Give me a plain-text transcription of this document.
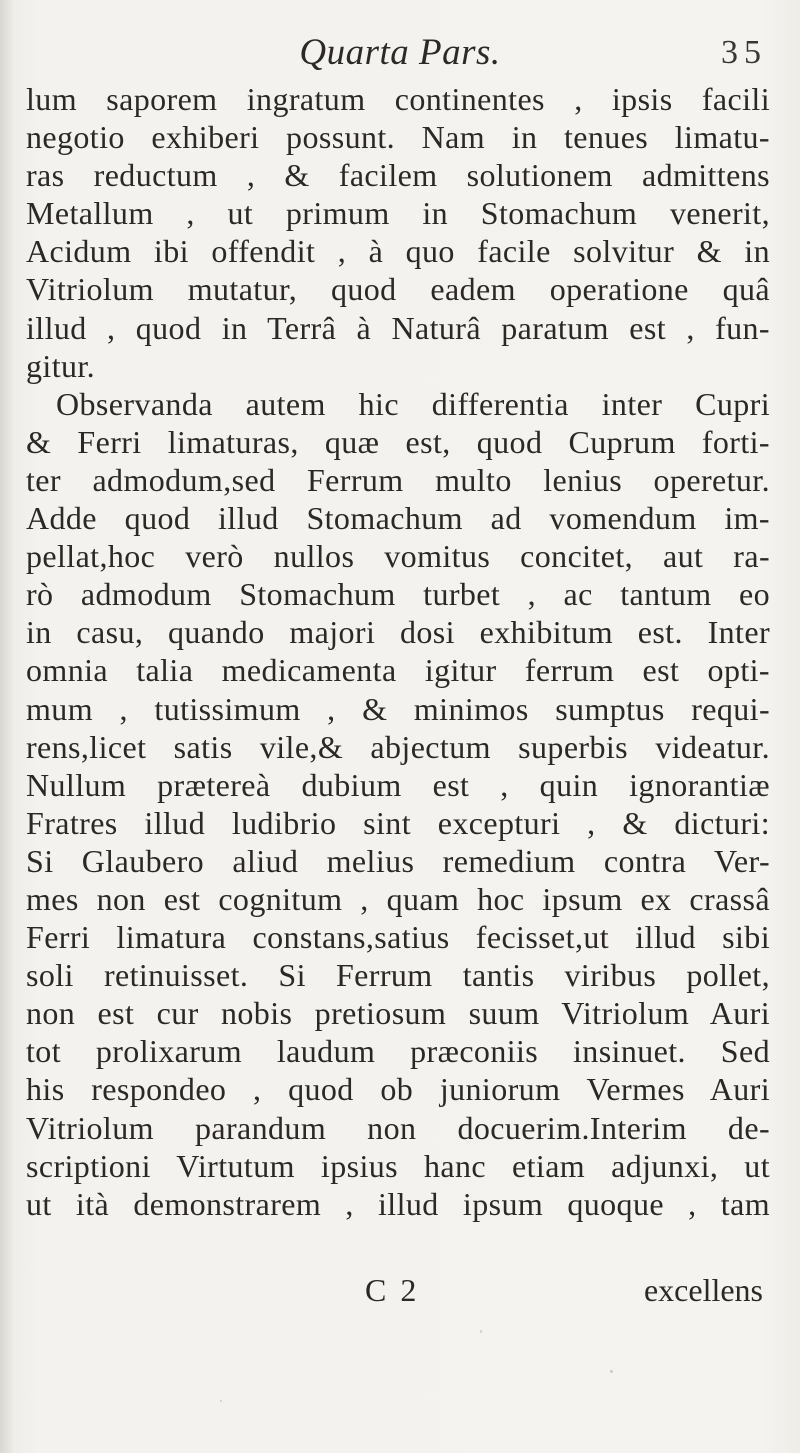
Quarta Pars.	35
lum saporem ingratum continentes , ipsis facili
negotio exhiberi possunt. Nam in tenues limatu-
ras reductum , & facilem solutionem admittens
Metallum , ut primum in Stomachum venerit,
Acidum ibi offendit , à quo facile solvitur & in
Vitriolum mutatur, quod eadem operatione quâ
illud , quod in Terrâ à Naturâ paratum est , fun-
gitur.
Observanda autem hic differentia inter Cupri
& Ferri limaturas, quæ est, quod Cuprum forti-
ter admodum,sed Ferrum multo lenius operetur.
Adde quod illud Stomachum ad vomendum im-
pellat,hoc verò nullos vomitus concitet, aut ra-
rò admodum Stomachum turbet , ac tantum eo
in casu, quando majori dosi exhibitum est. Inter
omnia talia medicamenta igitur ferrum est opti-
mum , tutissimum , & minimos sumptus requi-
rens,licet satis vile,& abjectum superbis videatur.
Nullum prætereà dubium est , quin ignorantiæ
Fratres illud ludibrio sint excepturi , & dicturi:
Si Glaubero aliud melius remedium contra Ver-
mes non est cognitum , quam hoc ipsum ex crassâ
Ferri limatura constans,satius fecisset,ut illud sibi
soli retinuisset. Si Ferrum tantis viribus pollet,
non est cur nobis pretiosum suum Vitriolum Auri
tot prolixarum laudum præconiis insinuet. Sed
his respondeo , quod ob juniorum Vermes Auri
Vitriolum parandum non docuerim.Interim de-
scriptioni Virtutum ipsius hanc etiam adjunxi, ut
ut ità demonstrarem , illud ipsum quoque , tam
C 2	excellens
